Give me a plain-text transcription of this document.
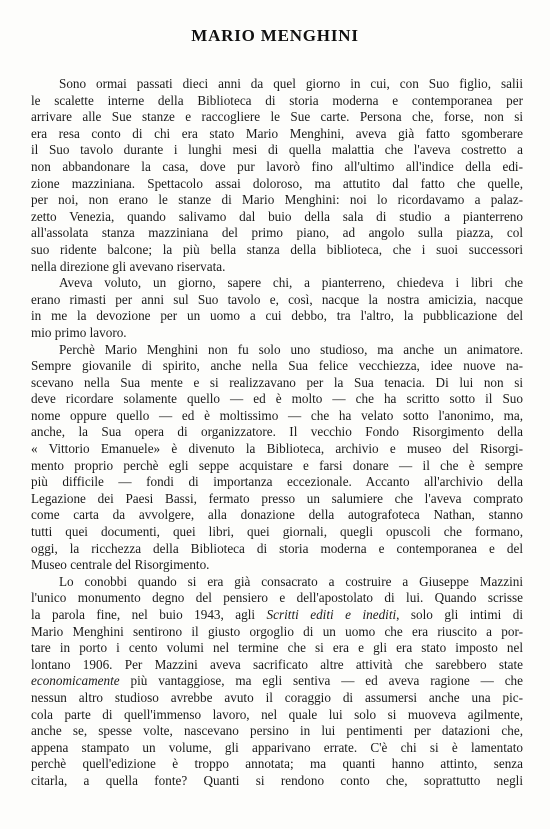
MARIO MENGHINI
Sono ormai passati dieci anni da quel giorno in cui, con Suo figlio, salii
le scalette interne della Biblioteca di storia moderna e contemporanea per
arrivare alle Sue stanze e raccogliere le Sue carte. Persona che, forse, non si
era resa conto di chi era stato Mario Menghini, aveva già fatto sgomberare
il Suo tavolo durante i lunghi mesi di quella malattia che l'aveva costretto a
non abbandonare la casa, dove pur lavorò fino all'ultimo all'indice della edi-
zione mazziniana. Spettacolo assai doloroso, ma attutito dal fatto che quelle,
per noi, non erano le stanze di Mario Menghini: noi lo ricordavamo a palaz-
zetto Venezia, quando salivamo dal buio della sala di studio a pianterreno
all'assolata stanza mazziniana del primo piano, ad angolo sulla piazza, col
suo ridente balcone; la più bella stanza della biblioteca, che i suoi successori
nella direzione gli avevano riservata.
Aveva voluto, un giorno, sapere chi, a pianterreno, chiedeva i libri che
erano rimasti per anni sul Suo tavolo e, così, nacque la nostra amicizia, nacque
in me la devozione per un uomo a cui debbo, tra l'altro, la pubblicazione del
mio primo lavoro.
Perchè Mario Menghini non fu solo uno studioso, ma anche un animatore.
Sempre giovanile di spirito, anche nella Sua felice vecchiezza, idee nuove na-
scevano nella Sua mente e si realizzavano per la Sua tenacia. Di lui non si
deve ricordare solamente quello — ed è molto — che ha scritto sotto il Suo
nome oppure quello — ed è moltissimo — che ha velato sotto l'anonimo, ma,
anche, la Sua opera di organizzatore. Il vecchio Fondo Risorgimento della
« Vittorio Emanuele» è divenuto la Biblioteca, archivio e museo del Risorgi-
mento proprio perchè egli seppe acquistare e farsi donare — il che è sempre
più difficile — fondi di importanza eccezionale. Accanto all'archivio della
Legazione dei Paesi Bassi, fermato presso un salumiere che l'aveva comprato
come carta da avvolgere, alla donazione della autografoteca Nathan, stanno
tutti quei documenti, quei libri, quei giornali, quegli opuscoli che formano,
oggi, la ricchezza della Biblioteca di storia moderna e contemporanea e del
Museo centrale del Risorgimento.
Lo conobbi quando si era già consacrato a costruire a Giuseppe Mazzini
l'unico monumento degno del pensiero e dell'apostolato di lui. Quando scrisse
la parola fine, nel buio 1943, agli Scritti editi e inediti, solo gli intimi di
Mario Menghini sentirono il giusto orgoglio di un uomo che era riuscito a por-
tare in porto i cento volumi nel termine che si era e gli era stato imposto nel
lontano 1906. Per Mazzini aveva sacrificato altre attività che sarebbero state
economicamente più vantaggiose, ma egli sentiva — ed aveva ragione — che
nessun altro studioso avrebbe avuto il coraggio di assumersi anche una pic-
cola parte di quell'immenso lavoro, nel quale lui solo si muoveva agilmente,
anche se, spesse volte, nascevano persino in lui pentimenti per datazioni che,
appena stampato un volume, gli apparivano errate. C'è chi si è lamentato
perchè quell'edizione è troppo annotata; ma quanti hanno attinto, senza
citarla, a quella fonte? Quanti si rendono conto che, soprattutto negli
